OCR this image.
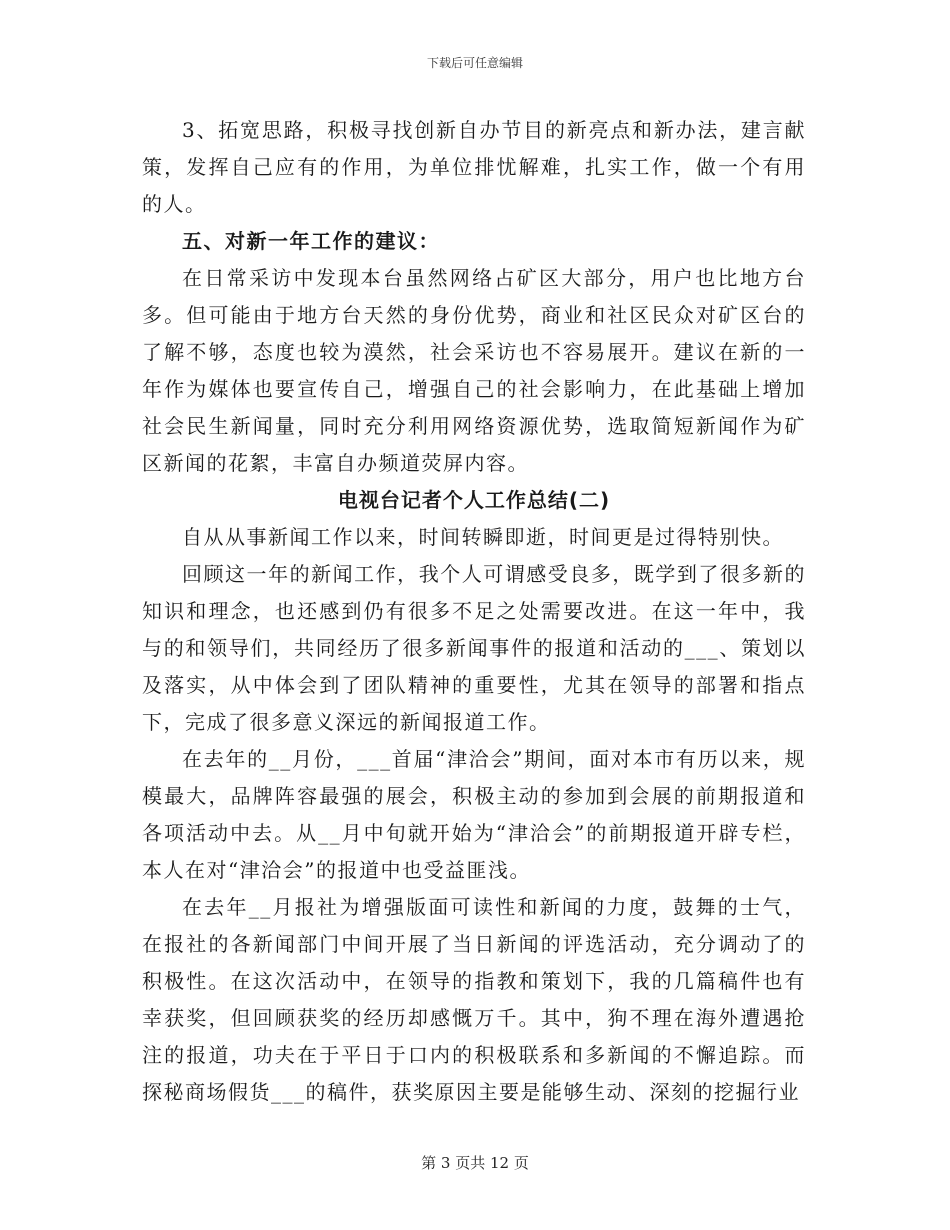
下载后可任意编辑

3、拓宽思路，积极寻找创新自办节目的新亮点和新办法，建言献策，发挥自己应有的作用，为单位排忧解难，扎实工作，做一个有用的人。

五、对新一年工作的建议：

在日常采访中发现本台虽然网络占矿区大部分，用户也比地方台多。但可能由于地方台天然的身份优势，商业和社区民众对矿区台的了解不够，态度也较为漠然，社会采访也不容易展开。建议在新的一年作为媒体也要宣传自己，增强自己的社会影响力，在此基础上增加社会民生新闻量，同时充分利用网络资源优势，选取简短新闻作为矿区新闻的花絮，丰富自办频道荧屏内容。

电视台记者个人工作总结(二)

自从从事新闻工作以来，时间转瞬即逝，时间更是过得特别快。

回顾这一年的新闻工作，我个人可谓感受良多，既学到了很多新的知识和理念，也还感到仍有很多不足之处需要改进。在这一年中，我与的和领导们，共同经历了很多新闻事件的报道和活动的___、策划以及落实，从中体会到了团队精神的重要性，尤其在领导的部署和指点下，完成了很多意义深远的新闻报道工作。

在去年的__月份，___首届“津洽会”期间，面对本市有历以来，规模最大，品牌阵容最强的展会，积极主动的参加到会展的前期报道和各项活动中去。从__月中旬就开始为“津洽会”的前期报道开辟专栏，本人在对“津洽会”的报道中也受益匪浅。

在去年__月报社为增强版面可读性和新闻的力度，鼓舞的士气，在报社的各新闻部门中间开展了当日新闻的评选活动，充分调动了的积极性。在这次活动中，在领导的指教和策划下，我的几篇稿件也有幸获奖，但回顾获奖的经历却感慨万千。其中，狗不理在海外遭遇抢注的报道，功夫在于平日于口内的积极联系和多新闻的不懈追踪。而探秘商场假货___的稿件，获奖原因主要是能够生动、深刻的挖掘行业

第 3 页共 12 页
